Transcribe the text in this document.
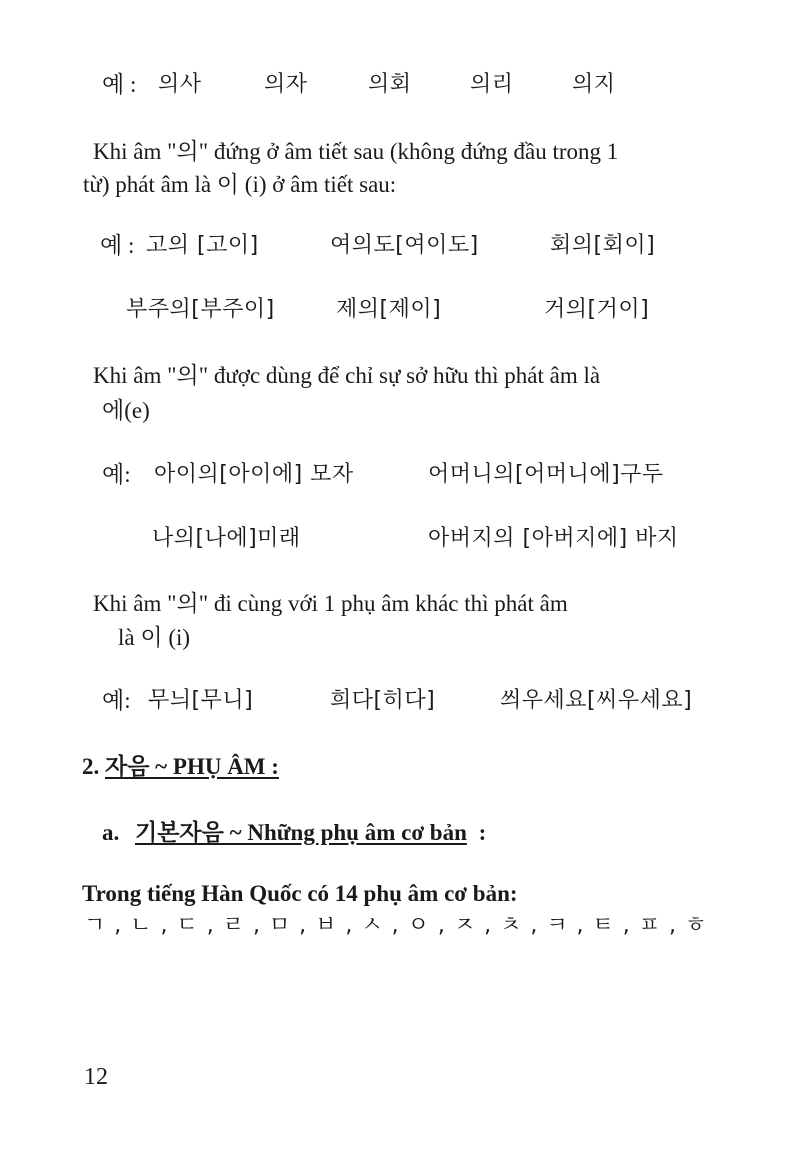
예 : 의사	의자	의회	의리	의지
Khi âm "의" đứng ở âm tiết sau (không đứng đầu trong 1
từ) phát âm là 이 (i) ở âm tiết sau:
예 : 고의 [고이]	여의도[여이도]	회의[회이]
부주의[부주이]	제의[제이]	거의[거이]
Khi âm "의" được dùng để chỉ sự sở hữu thì phát âm là
에(e)
예: 아이의[아이에] 모자	어머니의[어머니에]구두
나의[나에]미래	아버지의 [아버지에] 바지
Khi âm "의" đi cùng với 1 phụ âm khác thì phát âm
là 이 (i)
예: 무늬[무니]	희다[히다]	씌우세요[씨우세요]
2. 자음 ~ PHỤ ÂM :
a. 기본자음 ~ Những phụ âm cơ bản :
Trong tiếng Hàn Quốc có 14 phụ âm cơ bản:
ㄱ , ㄴ , ㄷ , ㄹ , ㅁ , ㅂ , ㅅ , ㅇ , ㅈ , ㅊ , ㅋ , ㅌ , ㅍ , ㅎ
12
